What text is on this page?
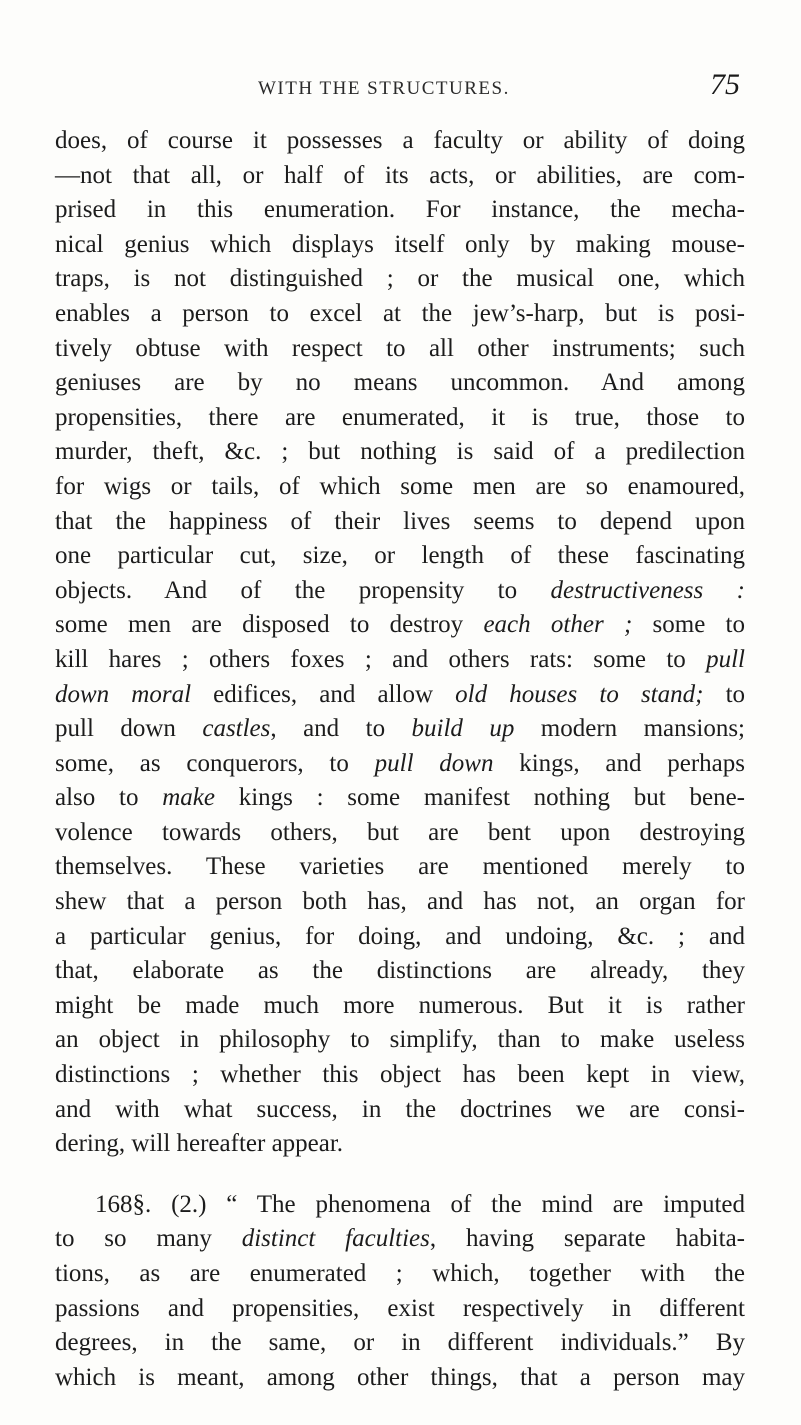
WITH THE STRUCTURES.	75
does, of course it possesses a faculty or ability of doing
—not that all, or half of its acts, or abilities, are com-
prised in this enumeration. For instance, the mecha-
nical genius which displays itself only by making mouse-
traps, is not distinguished ; or the musical one, which
enables a person to excel at the jew’s-harp, but is posi-
tively obtuse with respect to all other instruments; such
geniuses are by no means uncommon. And among
propensities, there are enumerated, it is true, those to
murder, theft, &c. ; but nothing is said of a predilection
for wigs or tails, of which some men are so enamoured,
that the happiness of their lives seems to depend upon
one particular cut, size, or length of these fascinating
objects. And of the propensity to destructiveness :
some men are disposed to destroy each other ; some to
kill hares ; others foxes ; and others rats: some to pull
down moral edifices, and allow old houses to stand; to
pull down castles, and to build up modern mansions;
some, as conquerors, to pull down kings, and perhaps
also to make kings : some manifest nothing but bene-
volence towards others, but are bent upon destroying
themselves. These varieties are mentioned merely to
shew that a person both has, and has not, an organ for
a particular genius, for doing, and undoing, &c. ; and
that, elaborate as the distinctions are already, they
might be made much more numerous. But it is rather
an object in philosophy to simplify, than to make useless
distinctions ; whether this object has been kept in view,
and with what success, in the doctrines we are consi-
dering, will hereafter appear.
168§. (2.) “ The phenomena of the mind are imputed
to so many distinct faculties, having separate habita-
tions, as are enumerated ; which, together with the
passions and propensities, exist respectively in different
degrees, in the same, or in different individuals.” By
which is meant, among other things, that a person may
